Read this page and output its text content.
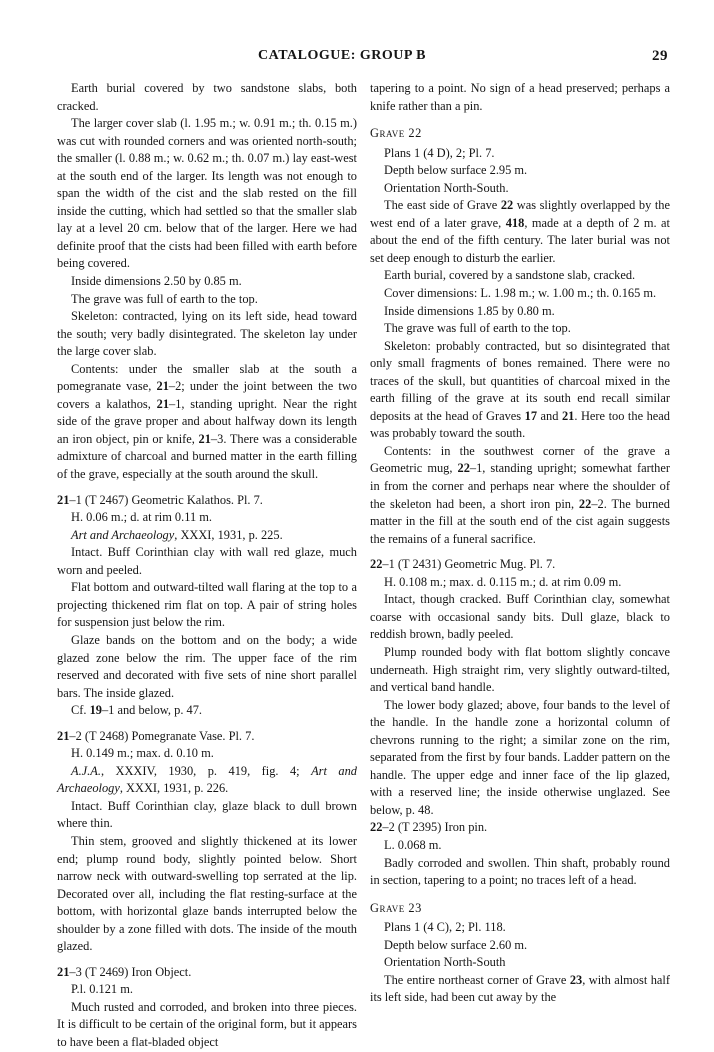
CATALOGUE: GROUP B	29

Earth burial covered by two sandstone slabs, both cracked.

The larger cover slab (l. 1.95 m.; w. 0.91 m.; th. 0.15 m.) was cut with rounded corners and was oriented north-south; the smaller (l. 0.88 m.; w. 0.62 m.; th. 0.07 m.) lay east-west at the south end of the larger. Its length was not enough to span the width of the cist and the slab rested on the fill inside the cutting, which had settled so that the smaller slab lay at a level 20 cm. below that of the larger. Here we had definite proof that the cists had been filled with earth before being covered.

Inside dimensions 2.50 by 0.85 m.

The grave was full of earth to the top.

Skeleton: contracted, lying on its left side, head toward the south; very badly disintegrated. The skeleton lay under the large cover slab.

Contents: under the smaller slab at the south a pomegranate vase, 21–2; under the joint between the two covers a kalathos, 21–1, standing upright. Near the right side of the grave proper and about halfway down its length an iron object, pin or knife, 21–3. There was a considerable admixture of charcoal and burned matter in the earth filling of the grave, especially at the south around the skull.

21–1 (T 2467) Geometric Kalathos. Pl. 7.

H. 0.06 m.; d. at rim 0.11 m.

Art and Archaeology, XXXI, 1931, p. 225.

Intact. Buff Corinthian clay with wall red glaze, much worn and peeled.

Flat bottom and outward-tilted wall flaring at the top to a projecting thickened rim flat on top. A pair of string holes for suspension just below the rim.

Glaze bands on the bottom and on the body; a wide glazed zone below the rim. The upper face of the rim reserved and decorated with five sets of nine short parallel bars. The inside glazed.

Cf. 19–1 and below, p. 47.

21–2 (T 2468) Pomegranate Vase. Pl. 7.

H. 0.149 m.; max. d. 0.10 m.

A.J.A., XXXIV, 1930, p. 419, fig. 4; Art and Archaeology, XXXI, 1931, p. 226.

Intact. Buff Corinthian clay, glaze black to dull brown where thin.

Thin stem, grooved and slightly thickened at its lower end; plump round body, slightly pointed below. Short narrow neck with outward-swelling top serrated at the lip. Decorated over all, including the flat resting-surface at the bottom, with horizontal glaze bands interrupted below the shoulder by a zone filled with dots. The inside of the mouth glazed.

21–3 (T 2469) Iron Object.

P.l. 0.121 m.

Much rusted and corroded, and broken into three pieces. It is difficult to be certain of the original form, but it appears to have been a flat-bladed object

tapering to a point. No sign of a head preserved; perhaps a knife rather than a pin.

Grave 22

Plans 1 (4 D), 2; Pl. 7.

Depth below surface 2.95 m.

Orientation North-South.

The east side of Grave 22 was slightly overlapped by the west end of a later grave, 418, made at a depth of 2 m. at about the end of the fifth century. The later burial was not set deep enough to disturb the earlier.

Earth burial, covered by a sandstone slab, cracked.

Cover dimensions: L. 1.98 m.; w. 1.00 m.; th. 0.165 m.

Inside dimensions 1.85 by 0.80 m.

The grave was full of earth to the top.

Skeleton: probably contracted, but so disintegrated that only small fragments of bones remained. There were no traces of the skull, but quantities of charcoal mixed in the earth filling of the grave at its south end recall similar deposits at the head of Graves 17 and 21. Here too the head was probably toward the south.

Contents: in the southwest corner of the grave a Geometric mug, 22–1, standing upright; somewhat farther in from the corner and perhaps near where the shoulder of the skeleton had been, a short iron pin, 22–2. The burned matter in the fill at the south end of the cist again suggests the remains of a funeral sacrifice.

22–1 (T 2431) Geometric Mug. Pl. 7.

H. 0.108 m.; max. d. 0.115 m.; d. at rim 0.09 m.

Intact, though cracked. Buff Corinthian clay, somewhat coarse with occasional sandy bits. Dull glaze, black to reddish brown, badly peeled.

Plump rounded body with flat bottom slightly concave underneath. High straight rim, very slightly outward-tilted, and vertical band handle.

The lower body glazed; above, four bands to the level of the handle. In the handle zone a horizontal column of chevrons running to the right; a similar zone on the rim, separated from the first by four bands. Ladder pattern on the handle. The upper edge and inner face of the lip glazed, with a reserved line; the inside otherwise unglazed. See below, p. 48.

22–2 (T 2395) Iron pin.

L. 0.068 m.

Badly corroded and swollen. Thin shaft, probably round in section, tapering to a point; no traces left of a head.

Grave 23

Plans 1 (4 C), 2; Pl. 118.

Depth below surface 2.60 m.

Orientation North-South

The entire northeast corner of Grave 23, with almost half its left side, had been cut away by the
